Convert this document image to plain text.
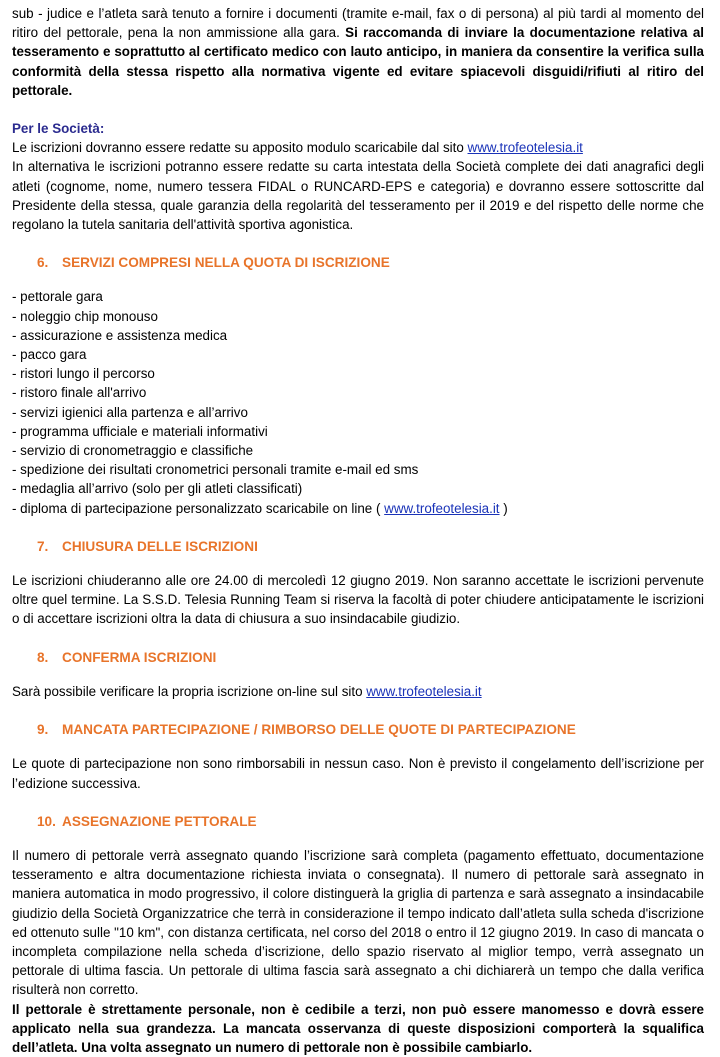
sub - judice e l’atleta sarà tenuto a fornire i documenti (tramite e-mail, fax o di persona) al più tardi al momento del ritiro del pettorale, pena la non ammissione alla gara. Si raccomanda di inviare la documentazione relativa al tesseramento e soprattutto al certificato medico con lauto anticipo, in maniera da consentire la verifica sulla conformità della stessa rispetto alla normativa vigente ed evitare spiacevoli disguidi/rifiuti al ritiro del pettorale.

Per le Società:

Le iscrizioni dovranno essere redatte su apposito modulo scaricabile dal sito www.trofeotelesia.it

In alternativa le iscrizioni potranno essere redatte su carta intestata della Società complete dei dati anagrafici degli atleti (cognome, nome, numero tessera FIDAL o RUNCARD-EPS e categoria) e dovranno essere sottoscritte dal Presidente della stessa, quale garanzia della regolarità del tesseramento per il 2019 e del rispetto delle norme che regolano la tutela sanitaria dell'attività sportiva agonistica.

6. SERVIZI COMPRESI NELLA QUOTA DI ISCRIZIONE

- pettorale gara
- noleggio chip monouso
- assicurazione e assistenza medica
- pacco gara
- ristori lungo il percorso
- ristoro finale all'arrivo
- servizi igienici alla partenza e all’arrivo
- programma ufficiale e materiali informativi
- servizio di cronometraggio e classifiche
- spedizione dei risultati cronometrici personali tramite e-mail ed sms
- medaglia all’arrivo (solo per gli atleti classificati)
- diploma di partecipazione personalizzato scaricabile on line ( www.trofeotelesia.it )

7. CHIUSURA DELLE ISCRIZIONI

Le iscrizioni chiuderanno alle ore 24.00 di mercoledì 12 giugno 2019. Non saranno accettate le iscrizioni pervenute oltre quel termine. La S.S.D. Telesia Running Team si riserva la facoltà di poter chiudere anticipatamente le iscrizioni o di accettare iscrizioni oltra la data di chiusura a suo insindacabile giudizio.

8. CONFERMA ISCRIZIONI

Sarà possibile verificare la propria iscrizione on-line sul sito www.trofeotelesia.it

9. MANCATA PARTECIPAZIONE / RIMBORSO DELLE QUOTE DI PARTECIPAZIONE

Le quote di partecipazione non sono rimborsabili in nessun caso. Non è previsto il congelamento dell’iscrizione per l’edizione successiva.

10. ASSEGNAZIONE PETTORALE

Il numero di pettorale verrà assegnato quando l’iscrizione sarà completa (pagamento effettuato, documentazione tesseramento e altra documentazione richiesta inviata o consegnata). Il numero di pettorale sarà assegnato in maniera automatica in modo progressivo, il colore distinguerà la griglia di partenza e sarà assegnato a insindacabile giudizio della Società Organizzatrice che terrà in considerazione il tempo indicato dall’atleta sulla scheda d'iscrizione ed ottenuto sulle "10 km", con distanza certificata, nel corso del 2018 o entro il 12 giugno 2019. In caso di mancata o incompleta compilazione nella scheda d’iscrizione, dello spazio riservato al miglior tempo, verrà assegnato un pettorale di ultima fascia. Un pettorale di ultima fascia sarà assegnato a chi dichiarerà un tempo che dalla verifica risulterà non corretto.

Il pettorale è strettamente personale, non è cedibile a terzi, non può essere manomesso e dovrà essere applicato nella sua grandezza. La mancata osservanza di queste disposizioni comporterà la squalifica dell’atleta. Una volta assegnato un numero di pettorale non è possibile cambiarlo.
